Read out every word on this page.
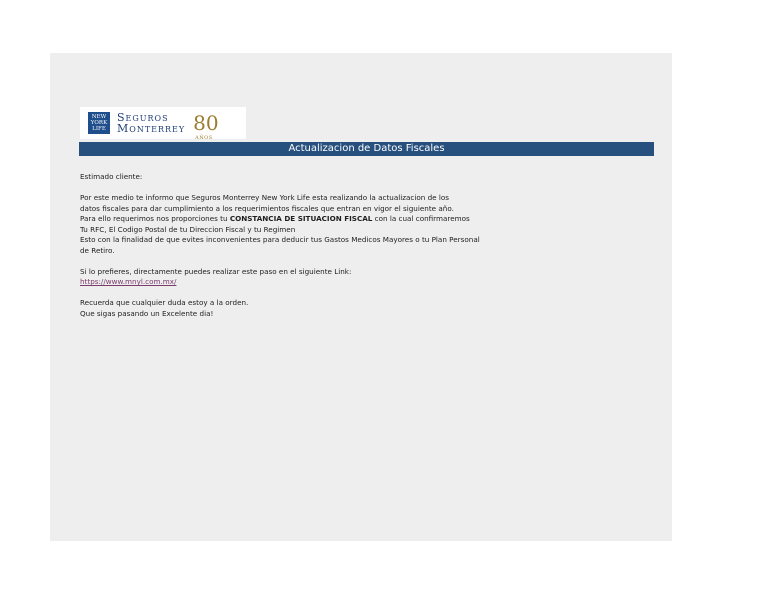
NEW
YORK
LIFE
Seguros
Monterrey 80
AÑOS
Actualizacion de Datos Fiscales

Estimado cliente:

Por este medio te informo que Seguros Monterrey New York Life esta realizando la actualizacion de los

datos fiscales para dar cumplimiento a los requerimientos fiscales que entran en vigor el siguiente año.

Para ello requerimos nos proporciones tu CONSTANCIA DE SITUACION FISCAL con la cual confirmaremos

Tu RFC, El Codigo Postal de tu Direccion Fiscal y tu Regimen

Esto con la finalidad de que evites inconvenientes para deducir tus Gastos Medicos Mayores o tu Plan Personal

de Retiro.

Si lo prefieres, directamente puedes realizar este paso en el siguiente Link:

https://www.mnyl.com.mx/

Recuerda que cualquier duda estoy a la orden.

Que sigas pasando un Excelente dia!
